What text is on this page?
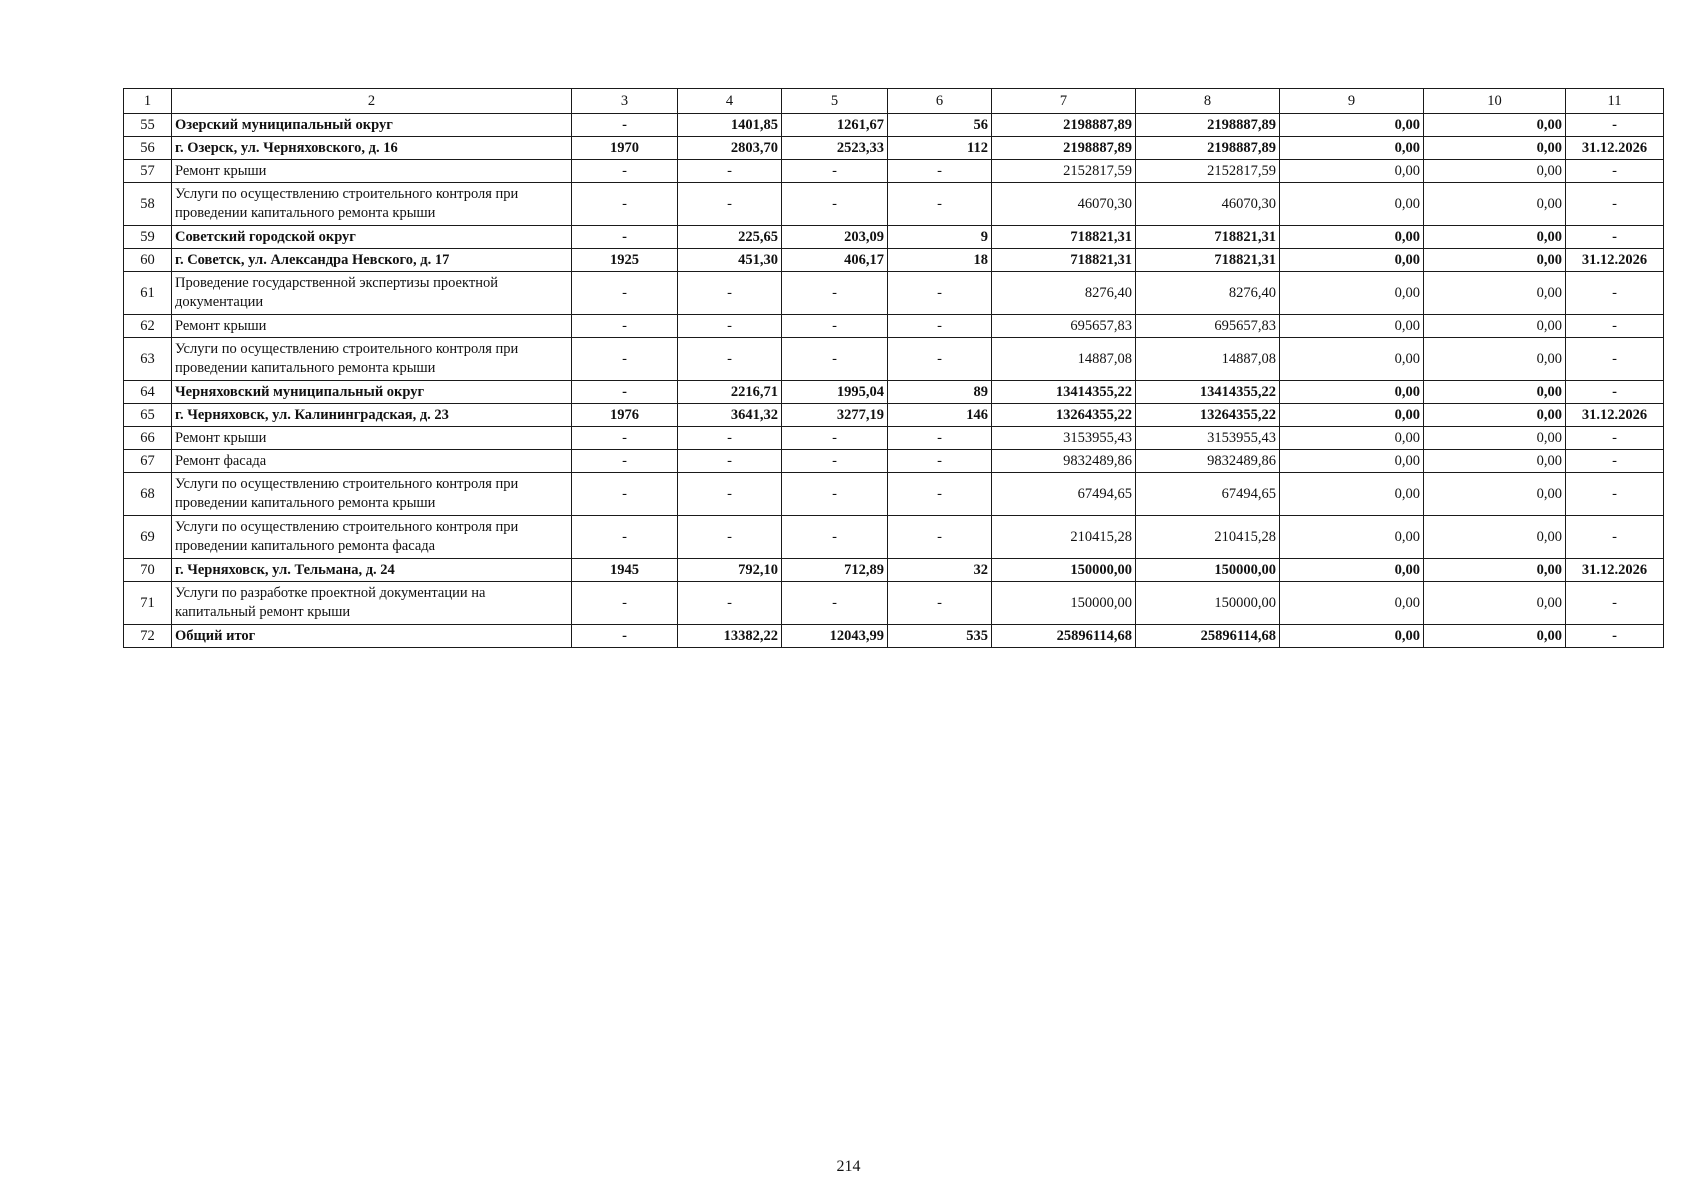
1	2	3	4	5	6	7	8	9	10	11
55	Озерский муниципальный округ	-	1401,85	1261,67	56	2198887,89	2198887,89	0,00	0,00	-
56	г. Озерск, ул. Черняховского, д. 16	1970	2803,70	2523,33	112	2198887,89	2198887,89	0,00	0,00	31.12.2026
57	Ремонт крыши	-	-	-	-	2152817,59	2152817,59	0,00	0,00	-
58	Услуги по осуществлению строительного контроля при проведении капитального ремонта крыши	-	-	-	-	46070,30	46070,30	0,00	0,00	-
59	Советский городской округ	-	225,65	203,09	9	718821,31	718821,31	0,00	0,00	-
60	г. Советск, ул. Александра Невского, д. 17	1925	451,30	406,17	18	718821,31	718821,31	0,00	0,00	31.12.2026
61	Проведение государственной экспертизы проектной документации	-	-	-	-	8276,40	8276,40	0,00	0,00	-
62	Ремонт крыши	-	-	-	-	695657,83	695657,83	0,00	0,00	-
63	Услуги по осуществлению строительного контроля при проведении капитального ремонта крыши	-	-	-	-	14887,08	14887,08	0,00	0,00	-
64	Черняховский муниципальный округ	-	2216,71	1995,04	89	13414355,22	13414355,22	0,00	0,00	-
65	г. Черняховск, ул. Калининградская, д. 23	1976	3641,32	3277,19	146	13264355,22	13264355,22	0,00	0,00	31.12.2026
66	Ремонт крыши	-	-	-	-	3153955,43	3153955,43	0,00	0,00	-
67	Ремонт фасада	-	-	-	-	9832489,86	9832489,86	0,00	0,00	-
68	Услуги по осуществлению строительного контроля при проведении капитального ремонта крыши	-	-	-	-	67494,65	67494,65	0,00	0,00	-
69	Услуги по осуществлению строительного контроля при проведении капитального ремонта фасада	-	-	-	-	210415,28	210415,28	0,00	0,00	-
70	г. Черняховск, ул. Тельмана, д. 24	1945	792,10	712,89	32	150000,00	150000,00	0,00	0,00	31.12.2026
71	Услуги по разработке проектной документации на капитальный ремонт крыши	-	-	-	-	150000,00	150000,00	0,00	0,00	-
72	Общий итог	-	13382,22	12043,99	535	25896114,68	25896114,68	0,00	0,00	-
214
